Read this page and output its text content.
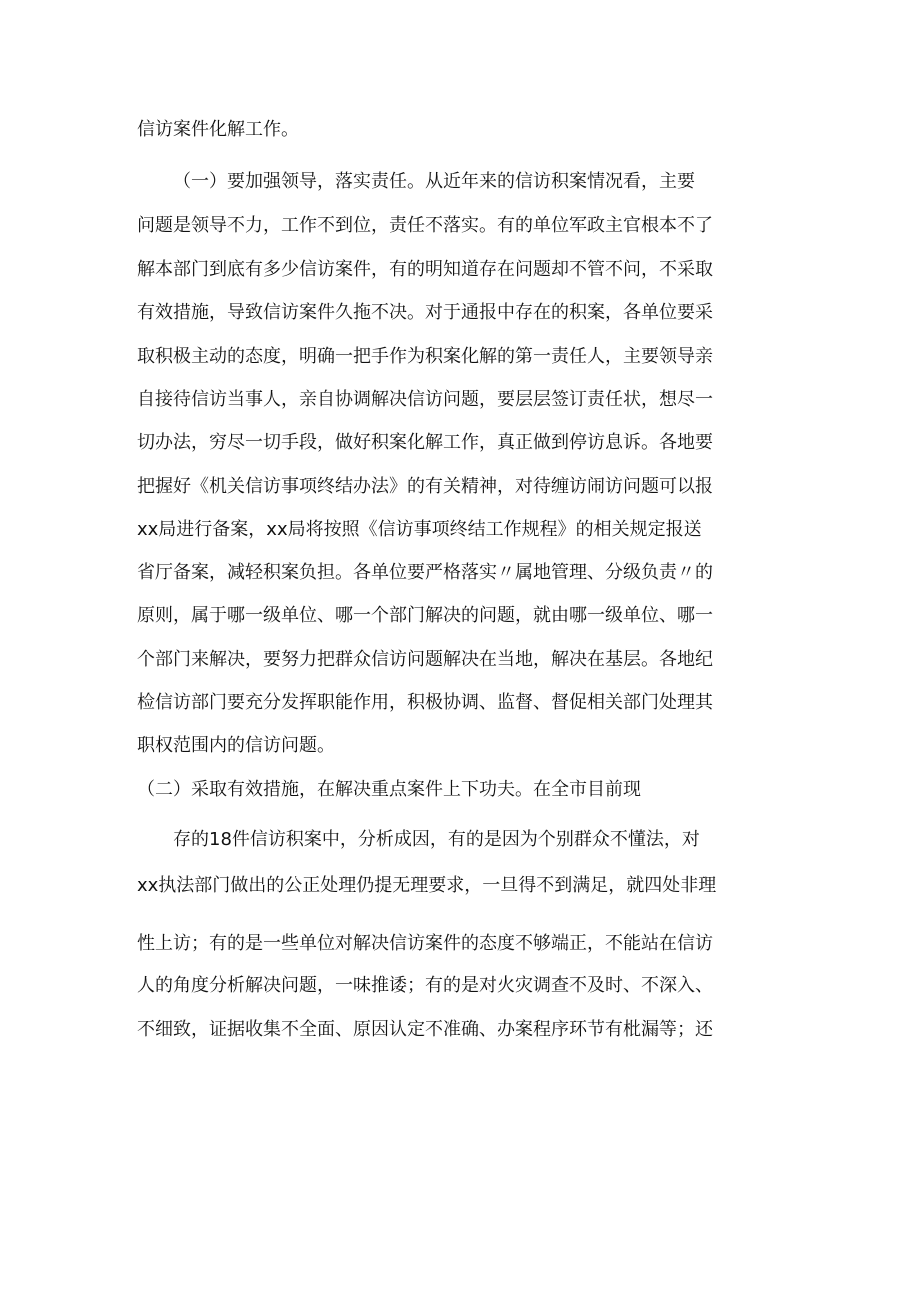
信访案件化解工作。

（一）要加强领导，落实责任。从近年来的信访积案情况看，主要

问题是领导不力，工作不到位，责任不落实。有的单位军政主官根本不了

解本部门到底有多少信访案件，有的明知道存在问题却不管不问，不采取

有效措施，导致信访案件久拖不决。对于通报中存在的积案，各单位要采

取积极主动的态度，明确一把手作为积案化解的第一责任人，主要领导亲

自接待信访当事人，亲自协调解决信访问题，要层层签订责任状，想尽一

切办法，穷尽一切手段，做好积案化解工作，真正做到停访息诉。各地要

把握好《机关信访事项终结办法》的有关精神，对待缠访闹访问题可以报

xx局进行备案，xx局将按照《信访事项终结工作规程》的相关规定报送

省厅备案，减轻积案负担。各单位要严格落实〃属地管理、分级负责〃的

原则，属于哪一级单位、哪一个部门解决的问题，就由哪一级单位、哪一

个部门来解决，要努力把群众信访问题解决在当地，解决在基层。各地纪

检信访部门要充分发挥职能作用，积极协调、监督、督促相关部门处理其

职权范围内的信访问题。

（二）采取有效措施，在解决重点案件上下功夫。在全市目前现

存的18件信访积案中，分析成因，有的是因为个别群众不懂法，对

xx执法部门做出的公正处理仍提无理要求，一旦得不到满足，就四处非理

性上访；有的是一些单位对解决信访案件的态度不够端正，不能站在信访

人的角度分析解决问题，一味推诿；有的是对火灾调查不及时、不深入、

不细致，证据收集不全面、原因认定不准确、办案程序环节有枇漏等；还
